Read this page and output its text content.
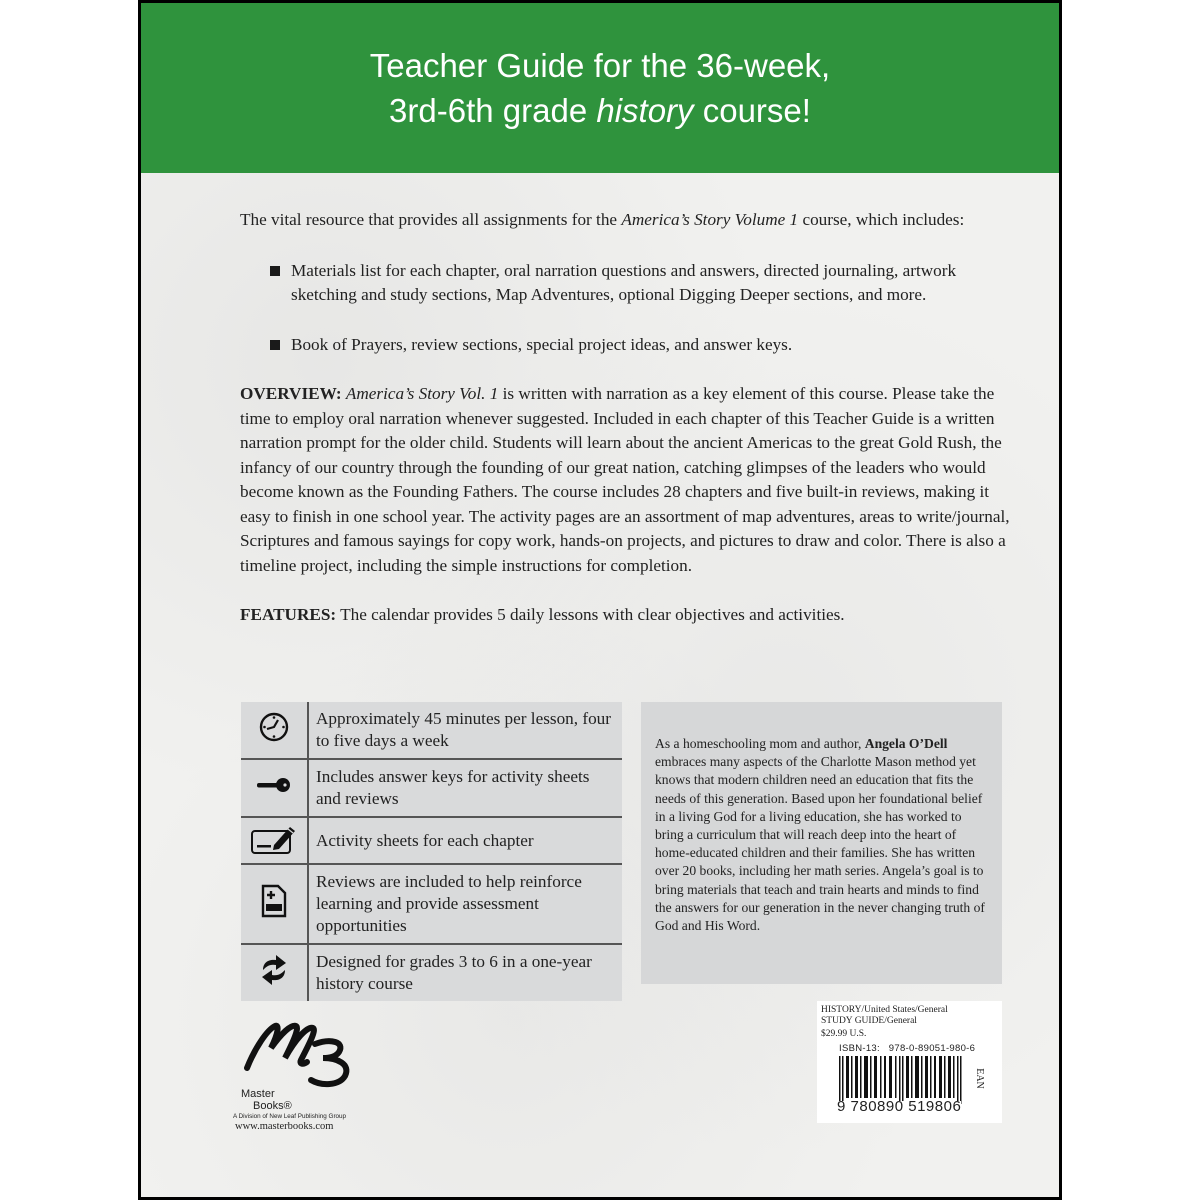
Teacher Guide for the 36-week,
3rd-6th grade history course!

The vital resource that provides all assignments for the America’s Story Volume 1 course, which includes:

Materials list for each chapter, oral narration questions and answers, directed journaling, artwork sketching and study sections, Map Adventures, optional Digging Deeper sections, and more.
Book of Prayers, review sections, special project ideas, and answer keys.

OVERVIEW: America’s Story Vol. 1 is written with narration as a key element of this course. Please take the time to employ oral narration whenever suggested. Included in each chapter of this Teacher Guide is a written narration prompt for the older child. Students will learn about the ancient Americas to the great Gold Rush, the infancy of our country through the founding of our great nation, catching glimpses of the leaders who would become known as the Founding Fathers. The course includes 28 chapters and five built-in reviews, making it easy to finish in one school year. The activity pages are an assortment of map adventures, areas to write/journal, Scriptures and famous sayings for copy work, hands-on projects, and pictures to draw and color. There is also a timeline project, including the simple instructions for completion.

FEATURES: The calendar provides 5 daily lessons with clear objectives and activities.

	Approximately 45 minutes per lesson, four to five days a week
	Includes answer keys for activity sheets and reviews
	Activity sheets for each chapter
	Reviews are included to help reinforce learning and provide assessment opportunities
	Designed for grades 3 to 6 in a one-year history course
As a homeschooling mom and author, Angela O’Dell embraces many aspects of the Charlotte Mason method yet knows that modern children need an education that fits the needs of this generation. Based upon her foundational belief in a living God for a living education, she has worked to bring a curriculum that will reach deep into the heart of home-educated children and their families. She has written over 20 books, including her math series. Angela’s goal is to bring materials that teach and train hearts and minds to find the answers for our generation in the never changing truth of God and His Word.
Master
Books®
A Division of New Leaf Publishing Group
www.masterbooks.com
HISTORY/United States/General
STUDY GUIDE/General
$29.99 U.S.
ISBN-13: 978-0-89051-980-6
9 780890 519806
EAN
